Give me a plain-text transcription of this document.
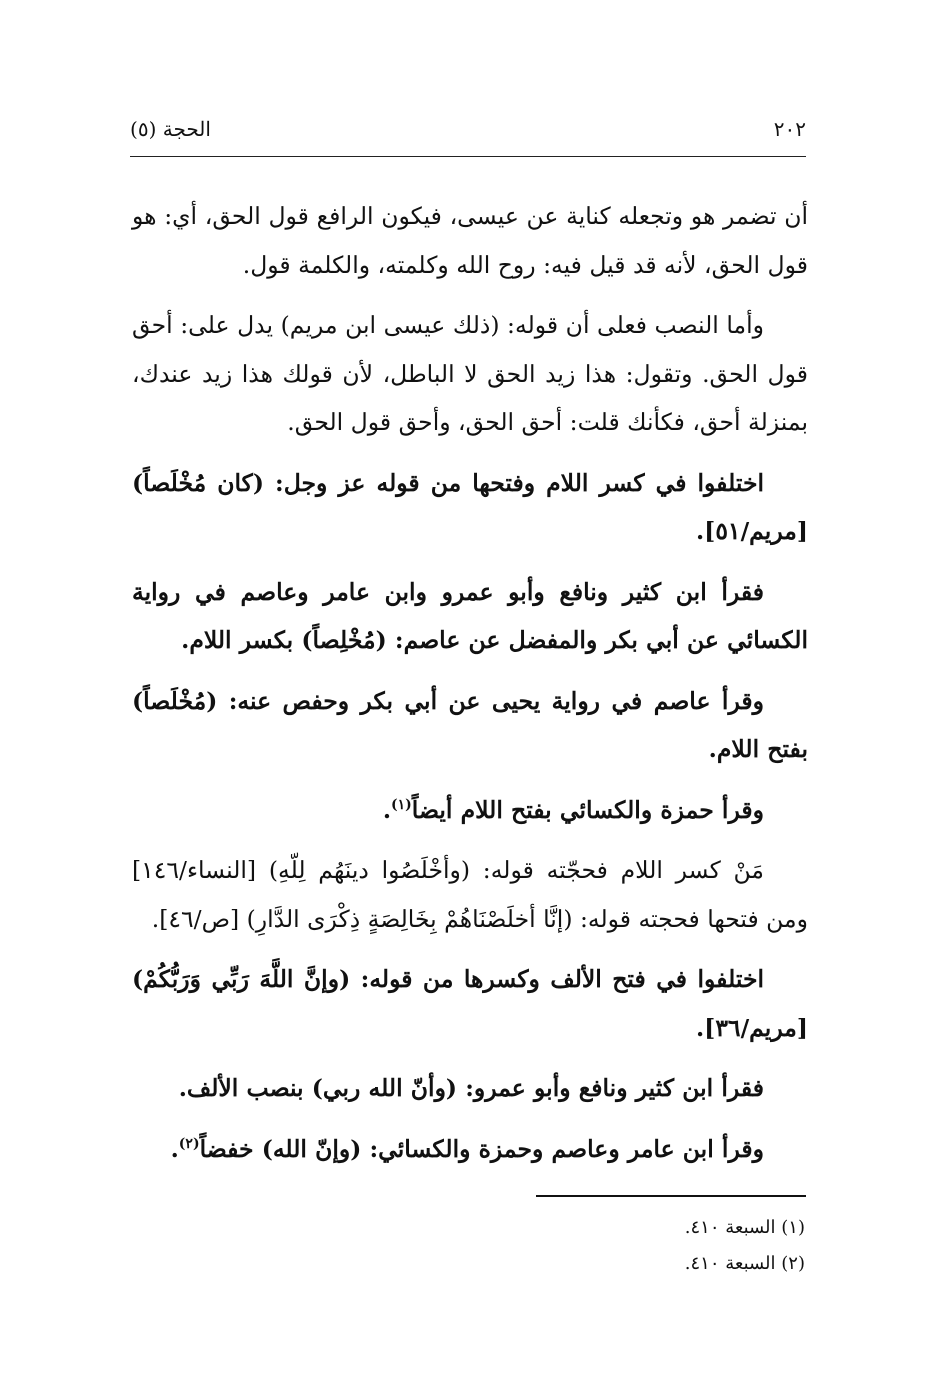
٢٠٢
الحجة (٥)

أن تضمر هو وتجعله كناية عن عيسى، فيكون الرافع قول الحق، أي: هو قول الحق، لأنه قد قيل فيه: روح الله وكلمته، والكلمة قول.

وأما النصب فعلى أن قوله: (ذلك عيسى ابن مريم) يدل على: أحق قول الحق. وتقول: هذا زيد الحق لا الباطل، لأن قولك هذا زيد عندك، بمنزلة أحق، فكأنك قلت: أحق الحق، وأحق قول الحق.

اختلفوا في كسر اللام وفتحها من قوله عز وجل: (كان مُخْلَصاً) [مريم/٥١].

فقرأ ابن كثير ونافع وأبو عمرو وابن عامر وعاصم في رواية الكسائي عن أبي بكر والمفضل عن عاصم: (مُخْلِصاً) بكسر اللام.

وقرأ عاصم في رواية يحيى عن أبي بكر وحفص عنه: (مُخْلَصاً) بفتح اللام.

وقرأ حمزة والكسائي بفتح اللام أيضاً$^{(١)}$.

مَنْ كسر اللام فحجّته قوله: (وأخْلَصُوا دينَهُم لِلّهِ) [النساء/١٤٦] ومن فتحها فحجته قوله: (إنَّا أخلَصْنَاهُمْ بِخَالِصَةٍ ذِكْرَى الدَّارِ) [ص/٤٦].

اختلفوا في فتح الألف وكسرها من قوله: (وإنَّ اللَّهَ رَبِّي وَرَبُّكُمْ) [مريم/٣٦].

فقرأ ابن كثير ونافع وأبو عمرو: (وأنّ الله ربي) بنصب الألف.

وقرأ ابن عامر وعاصم وحمزة والكسائي: (وإنّ الله) خفضاً$^{(٢)}$.

(١) السبعة ٤١٠.
(٢) السبعة ٤١٠.
